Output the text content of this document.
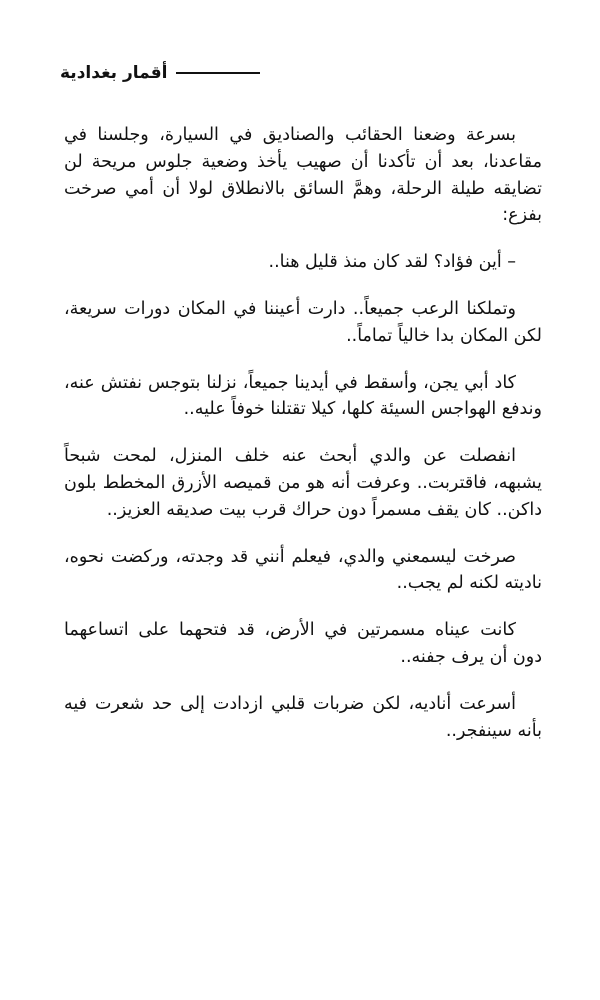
أقمار بغدادية

بسرعة وضعنا الحقائب والصناديق في السيارة، وجلسنا في مقاعدنا، بعد أن تأكدنا أن صهيب يأخذ وضعية جلوس مريحة لن تضايقه طيلة الرحلة، وهمَّ السائق بالانطلاق لولا أن أمي صرخت بفزع:

– أين فؤاد؟ لقد كان منذ قليل هنا..

وتملكنا الرعب جميعاً.. دارت أعيننا في المكان دورات سريعة، لكن المكان بدا خالياً تماماً..

كاد أبي يجن، وأسقط في أيدينا جميعاً، نزلنا بتوجس نفتش عنه، وندفع الهواجس السيئة كلها، كيلا تقتلنا خوفاً عليه..

انفصلت عن والدي أبحث عنه خلف المنزل، لمحت شبحاً يشبهه، فاقتربت.. وعرفت أنه هو من قميصه الأزرق المخطط بلون داكن.. كان يقف مسمراً دون حراك قرب بيت صديقه العزيز..

صرخت ليسمعني والدي، فيعلم أنني قد وجدته، وركضت نحوه، ناديته لكنه لم يجب..

كانت عيناه مسمرتين في الأرض، قد فتحهما على اتساعهما دون أن يرف جفنه..

أسرعت أناديه، لكن ضربات قلبي ازدادت إلى حد شعرت فيه بأنه سينفجر..
